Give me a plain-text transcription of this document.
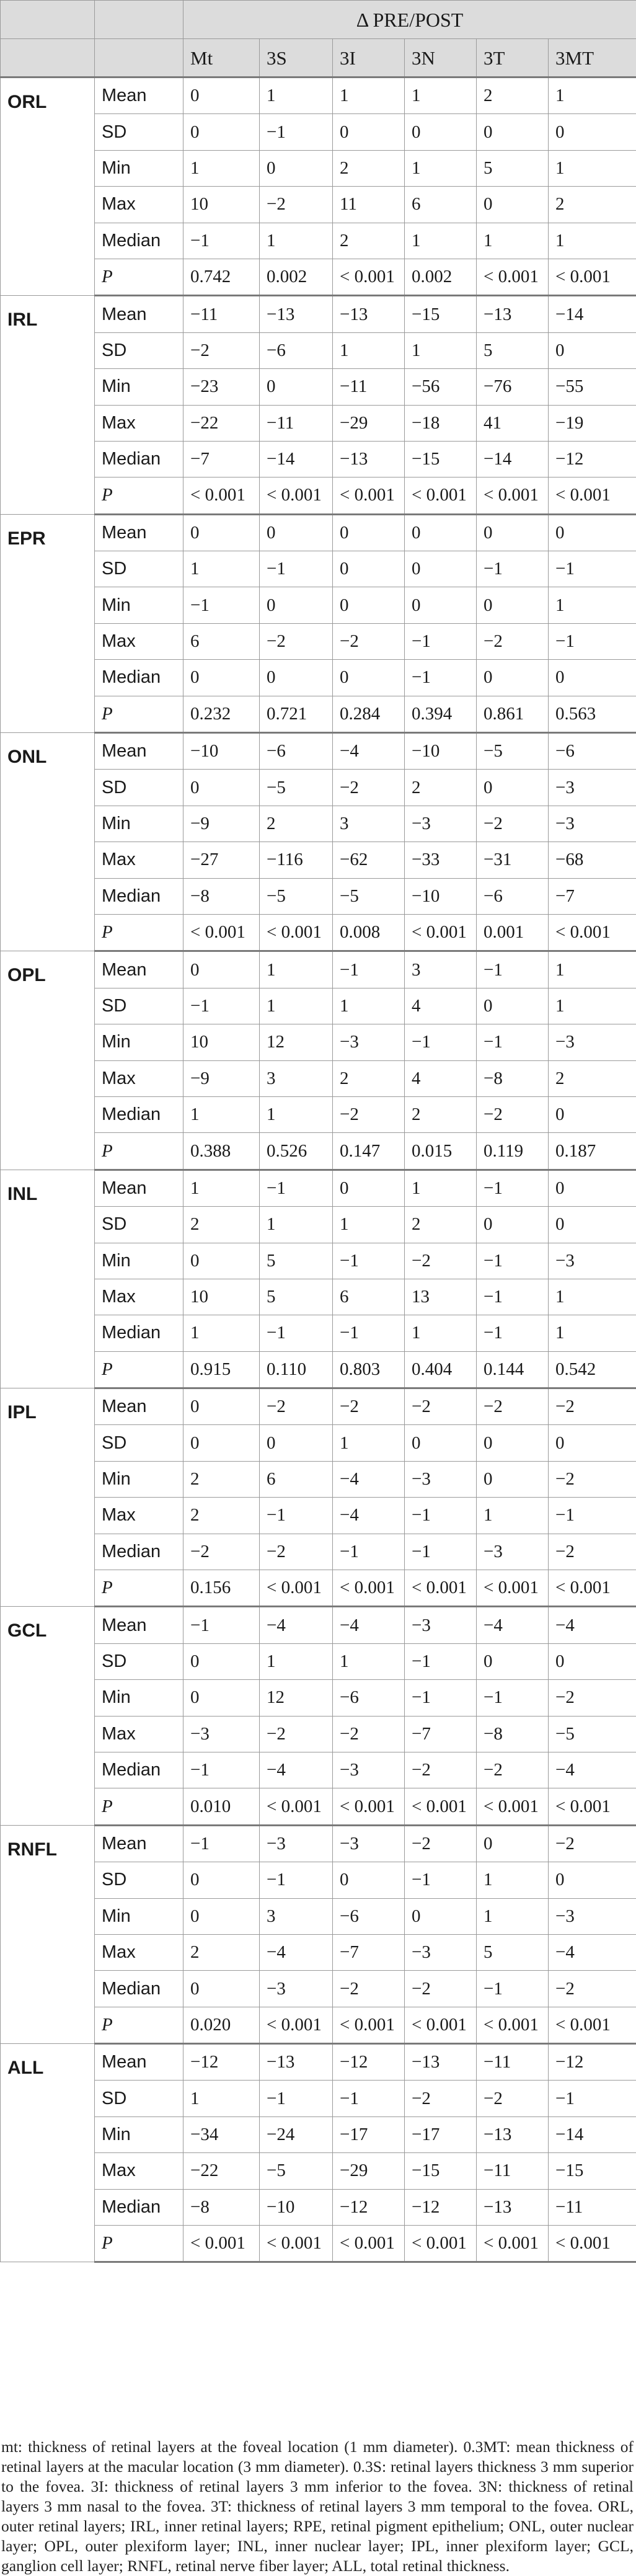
		Δ PRE/POST					
		Mt	3S	3I	3N	3T	3MT
ORL	Mean	0	1	1	1	2	1
	SD	0	−1	0	0	0	0
	Min	1	0	2	1	5	1
	Max	10	−2	11	6	0	2
	Median	−1	1	2	1	1	1
	P	0.742	0.002	< 0.001	0.002	< 0.001	< 0.001
IRL	Mean	−11	−13	−13	−15	−13	−14
	SD	−2	−6	1	1	5	0
	Min	−23	0	−11	−56	−76	−55
	Max	−22	−11	−29	−18	41	−19
	Median	−7	−14	−13	−15	−14	−12
	P	< 0.001	< 0.001	< 0.001	< 0.001	< 0.001	< 0.001
EPR	Mean	0	0	0	0	0	0
	SD	1	−1	0	0	−1	−1
	Min	−1	0	0	0	0	1
	Max	6	−2	−2	−1	−2	−1
	Median	0	0	0	−1	0	0
	P	0.232	0.721	0.284	0.394	0.861	0.563
ONL	Mean	−10	−6	−4	−10	−5	−6
	SD	0	−5	−2	2	0	−3
	Min	−9	2	3	−3	−2	−3
	Max	−27	−116	−62	−33	−31	−68
	Median	−8	−5	−5	−10	−6	−7
	P	< 0.001	< 0.001	0.008	< 0.001	0.001	< 0.001
OPL	Mean	0	1	−1	3	−1	1
	SD	−1	1	1	4	0	1
	Min	10	12	−3	−1	−1	−3
	Max	−9	3	2	4	−8	2
	Median	1	1	−2	2	−2	0
	P	0.388	0.526	0.147	0.015	0.119	0.187
INL	Mean	1	−1	0	1	−1	0
	SD	2	1	1	2	0	0
	Min	0	5	−1	−2	−1	−3
	Max	10	5	6	13	−1	1
	Median	1	−1	−1	1	−1	1
	P	0.915	0.110	0.803	0.404	0.144	0.542
IPL	Mean	0	−2	−2	−2	−2	−2
	SD	0	0	1	0	0	0
	Min	2	6	−4	−3	0	−2
	Max	2	−1	−4	−1	1	−1
	Median	−2	−2	−1	−1	−3	−2
	P	0.156	< 0.001	< 0.001	< 0.001	< 0.001	< 0.001
GCL	Mean	−1	−4	−4	−3	−4	−4
	SD	0	1	1	−1	0	0
	Min	0	12	−6	−1	−1	−2
	Max	−3	−2	−2	−7	−8	−5
	Median	−1	−4	−3	−2	−2	−4
	P	0.010	< 0.001	< 0.001	< 0.001	< 0.001	< 0.001
RNFL	Mean	−1	−3	−3	−2	0	−2
	SD	0	−1	0	−1	1	0
	Min	0	3	−6	0	1	−3
	Max	2	−4	−7	−3	5	−4
	Median	0	−3	−2	−2	−1	−2
	P	0.020	< 0.001	< 0.001	< 0.001	< 0.001	< 0.001
ALL	Mean	−12	−13	−12	−13	−11	−12
	SD	1	−1	−1	−2	−2	−1
	Min	−34	−24	−17	−17	−13	−14
	Max	−22	−5	−29	−15	−11	−15
	Median	−8	−10	−12	−12	−13	−11
	P	< 0.001	< 0.001	< 0.001	< 0.001	< 0.001	< 0.001
mt: thickness of retinal layers at the foveal location (1 mm diameter). 0.3MT: mean thickness of retinal layers at the macular location (3 mm diameter). 0.3S: retinal layers thickness 3 mm superior to the fovea. 3I: thickness of retinal layers 3 mm inferior to the fovea. 3N: thickness of retinal layers 3 mm nasal to the fovea. 3T: thickness of retinal layers 3 mm temporal to the fovea. ORL, outer retinal layers; IRL, inner retinal layers; RPE, retinal pigment epithelium; ONL, outer nuclear layer; OPL, outer plexiform layer; INL, inner nuclear layer; IPL, inner plexiform layer; GCL, ganglion cell layer; RNFL, retinal nerve fiber layer; ALL, total retinal thickness.
